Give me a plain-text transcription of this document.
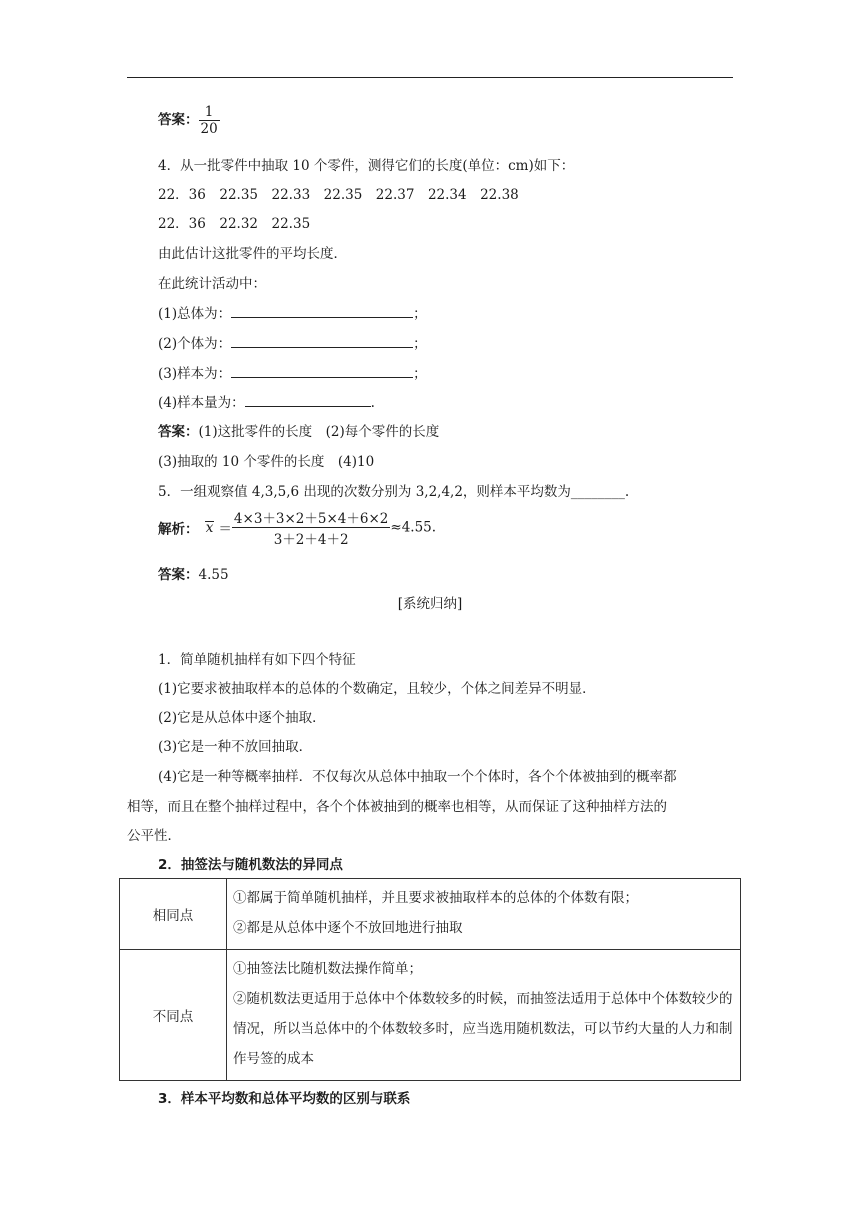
答案： $\frac{1}{20}$
4．从一批零件中抽取 10 个零件，测得它们的长度(单位：cm)如下：
22．36　22.35　22.33　22.35　22.37　22.34　22.38
22．36　22.32　22.35
由此估计这批零件的平均长度．
在此统计活动中：
(1)总体为：	；
(2)个体为：	；
(3)样本为：	；
(4)样本量为：	.
答案：(1)这批零件的长度　(2)每个零件的长度
(3)抽取的 10 个零件的长度　(4)10
5．一组观察值 4,3,5,6 出现的次数分别为 3,2,4,2，则样本平均数为________.
解析： $x = \frac{4\times 3+3\times 2+5\times 4+6\times 2}{3+2+4+2} \approx 4.55$.
答案：4.55
[系统归纳]
1．简单随机抽样有如下四个特征
(1)它要求被抽取样本的总体的个数确定，且较少，个体之间差异不明显．
(2)它是从总体中逐个抽取．
(3)它是一种不放回抽取．
(4)它是一种等概率抽样．不仅每次从总体中抽取一个个体时，各个个体被抽到的概率都
相等，而且在整个抽样过程中，各个个体被抽到的概率也相等，从而保证了这种抽样方法的
公平性．
2．抽签法与随机数法的异同点
相同点	①都属于简单随机抽样，并且要求被抽取样本的总体的个体数有限；
②都是从总体中逐个不放回地进行抽取

不同点	①抽签法比随机数法操作简单；
②随机数法更适用于总体中个体数较多的时候，而抽签法适用于总体中个体数较少的情况，所以当总体中的个体数较多时，应当选用随机数法，可以节约大量的人力和制作号签的成本
3．样本平均数和总体平均数的区别与联系
